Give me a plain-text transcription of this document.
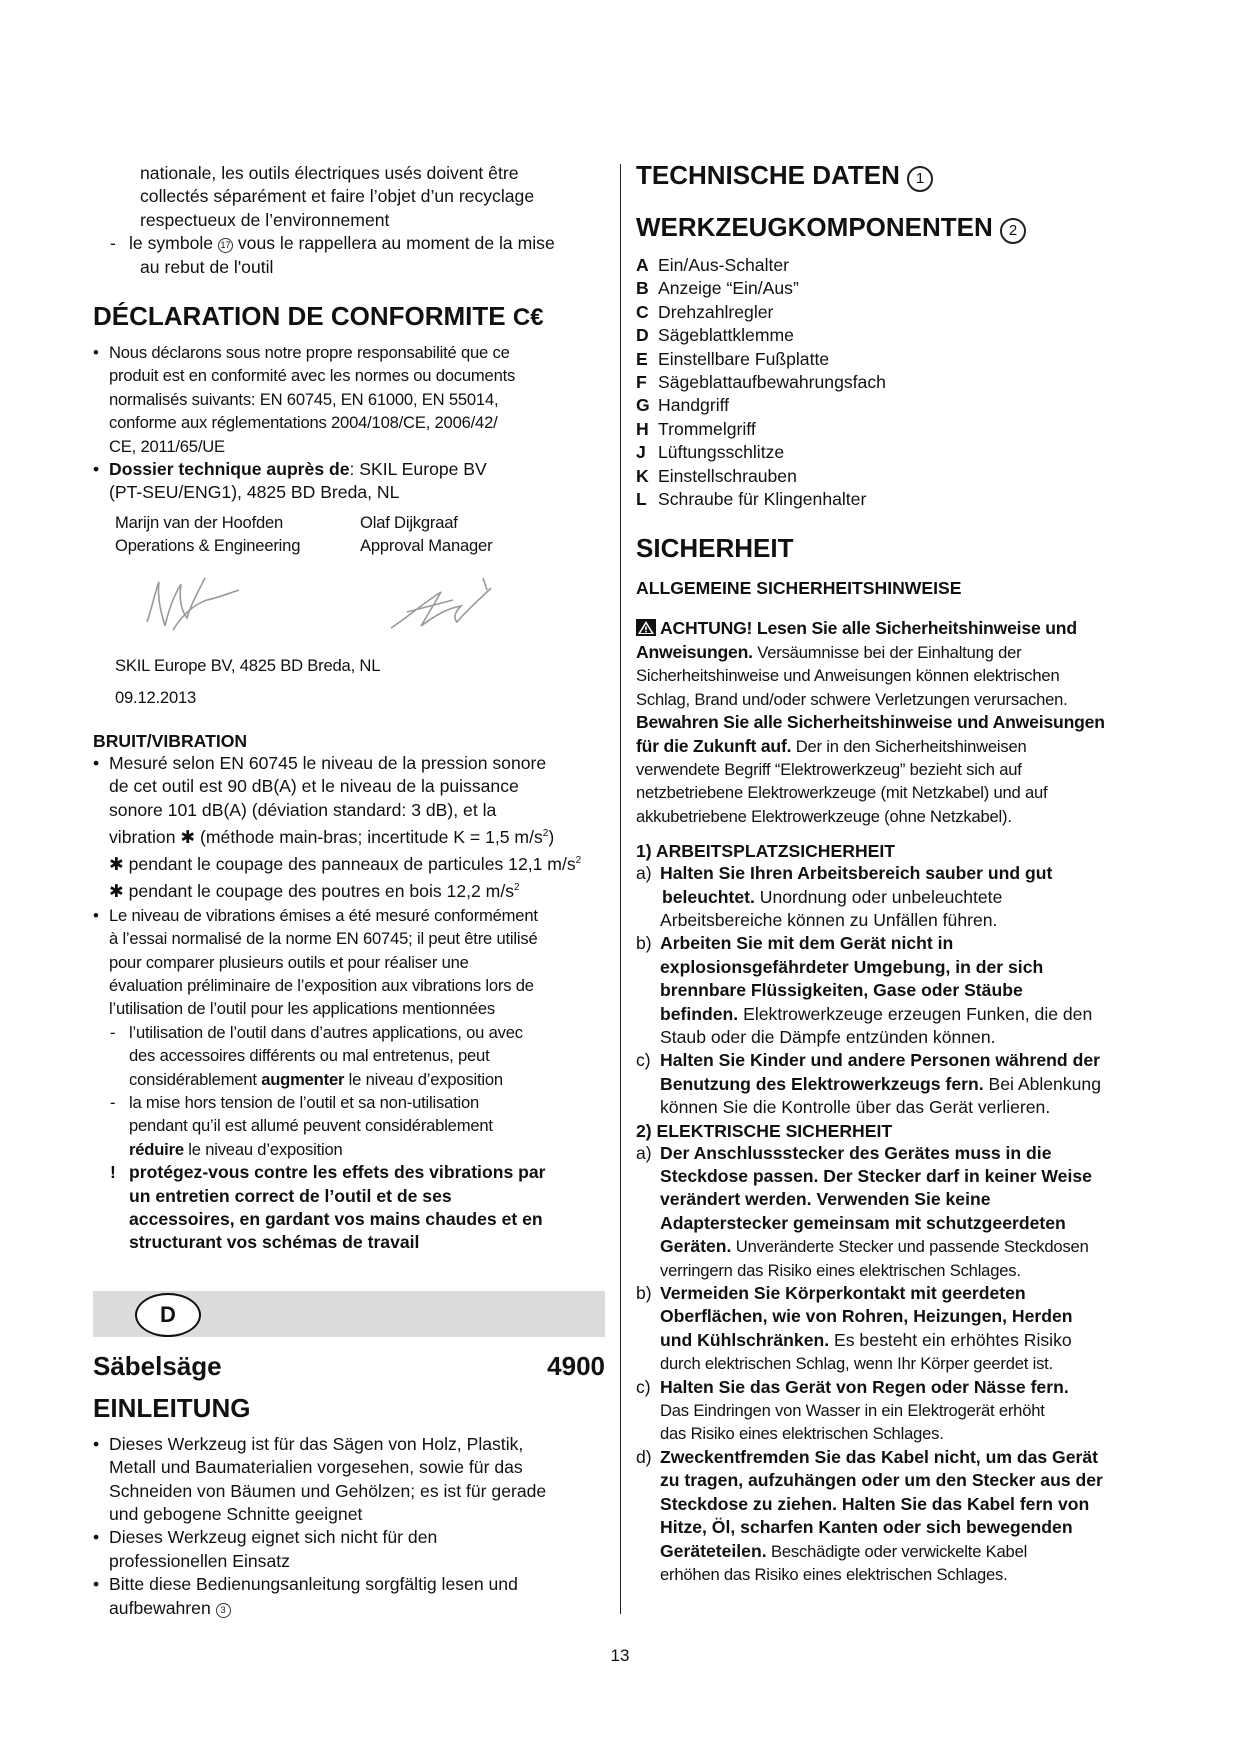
nationale, les outils électriques usés doivent être

collectés séparément et faire l’objet d’un recyclage

respectueux de l’environnement

- le symbole 17 vous le rappellera au moment de la mise

au rebut de l'outil

DÉCLARATION DE CONFORMITE C€

• Nous déclarons sous notre propre responsabilité que ce

produit est en conformité avec les normes ou documents

normalisés suivants: EN 60745, EN 61000, EN 55014,

conforme aux réglementations 2004/108/CE, 2006/42/

CE, 2011/65/UE

• Dossier technique auprès de: SKIL Europe BV

(PT-SEU/ENG1), 4825 BD Breda, NL

Marijn van der Hoofden

Operations & Engineering

Olaf Dijkgraaf

Approval Manager

SKIL Europe BV, 4825 BD Breda, NL

09.12.2013

BRUIT/VIBRATION

• Mesuré selon EN 60745 le niveau de la pression sonore

de cet outil est 90 dB(A) et le niveau de la puissance

sonore 101 dB(A) (déviation standard: 3 dB), et la

vibration ✱ (méthode main-bras; incertitude K = 1,5 $m/s^2$)

✱ pendant le coupage des panneaux de particules 12,1 $m/s^2$

✱ pendant le coupage des poutres en bois 12,2 $m/s^2$

• Le niveau de vibrations émises a été mesuré conformément

à l’essai normalisé de la norme EN 60745; il peut être utilisé

pour comparer plusieurs outils et pour réaliser une

évaluation préliminaire de l’exposition aux vibrations lors de

l’utilisation de l’outil pour les applications mentionnées

- l’utilisation de l’outil dans d’autres applications, ou avec

des accessoires différents ou mal entretenus, peut

considérablement augmenter le niveau d’exposition

- la mise hors tension de l’outil et sa non-utilisation

pendant qu’il est allumé peuvent considérablement

réduire le niveau d’exposition

! protégez-vous contre les effets des vibrations par

un entretien correct de l’outil et de ses

accessoires, en gardant vos mains chaudes et en

structurant vos schémas de travail

D
Säbelsäge	4900
EINLEITUNG

• Dieses Werkzeug ist für das Sägen von Holz, Plastik,

Metall und Baumaterialien vorgesehen, sowie für das

Schneiden von Bäumen und Gehölzen; es ist für gerade

und gebogene Schnitte geeignet

• Dieses Werkzeug eignet sich nicht für den

professionellen Einsatz

• Bitte diese Bedienungsanleitung sorgfältig lesen und

aufbewahren 3

TECHNISCHE DATEN 1
WERKZEUGKOMPONENTEN 2

A Ein/Aus-Schalter

B Anzeige “Ein/Aus”

C Drehzahlregler

D Sägeblattklemme

E Einstellbare Fußplatte

F Sägeblattaufbewahrungsfach

G Handgriff

H Trommelgriff

J Lüftungsschlitze

K Einstellschrauben

L Schraube für Klingenhalter

SICHERHEIT
ALLGEMEINE SICHERHEITSHINWEISE

ACHTUNG! Lesen Sie alle Sicherheitshinweise und

Anweisungen. Versäumnisse bei der Einhaltung der

Sicherheitshinweise und Anweisungen können elektrischen

Schlag, Brand und/oder schwere Verletzungen verursachen.

Bewahren Sie alle Sicherheitshinweise und Anweisungen

für die Zukunft auf. Der in den Sicherheitshinweisen

verwendete Begriff “Elektrowerkzeug” bezieht sich auf

netzbetriebene Elektrowerkzeuge (mit Netzkabel) und auf

akkubetriebene Elektrowerkzeuge (ohne Netzkabel).

1) ARBEITSPLATZSICHERHEIT
a) Halten Sie Ihren Arbeitsbereich sauber und gut

beleuchtet. Unordnung oder unbeleuchtete

Arbeitsbereiche können zu Unfällen führen.

b) Arbeiten Sie mit dem Gerät nicht in

explosionsgefährdeter Umgebung, in der sich

brennbare Flüssigkeiten, Gase oder Stäube

befinden. Elektrowerkzeuge erzeugen Funken, die den

Staub oder die Dämpfe entzünden können.

c) Halten Sie Kinder und andere Personen während der

Benutzung des Elektrowerkzeugs fern. Bei Ablenkung

können Sie die Kontrolle über das Gerät verlieren.

2) ELEKTRISCHE SICHERHEIT
a) Der Anschlussstecker des Gerätes muss in die

Steckdose passen. Der Stecker darf in keiner Weise

verändert werden. Verwenden Sie keine

Adapterstecker gemeinsam mit schutzgeerdeten

Geräten. Unveränderte Stecker und passende Steckdosen

verringern das Risiko eines elektrischen Schlages.

b) Vermeiden Sie Körperkontakt mit geerdeten

Oberflächen, wie von Rohren, Heizungen, Herden

und Kühlschränken. Es besteht ein erhöhtes Risiko

durch elektrischen Schlag, wenn Ihr Körper geerdet ist.

c) Halten Sie das Gerät von Regen oder Nässe fern.

Das Eindringen von Wasser in ein Elektrogerät erhöht

das Risiko eines elektrischen Schlages.

d) Zweckentfremden Sie das Kabel nicht, um das Gerät

zu tragen, aufzuhängen oder um den Stecker aus der

Steckdose zu ziehen. Halten Sie das Kabel fern von

Hitze, Öl, scharfen Kanten oder sich bewegenden

Geräteteilen. Beschädigte oder verwickelte Kabel

erhöhen das Risiko eines elektrischen Schlages.

13
